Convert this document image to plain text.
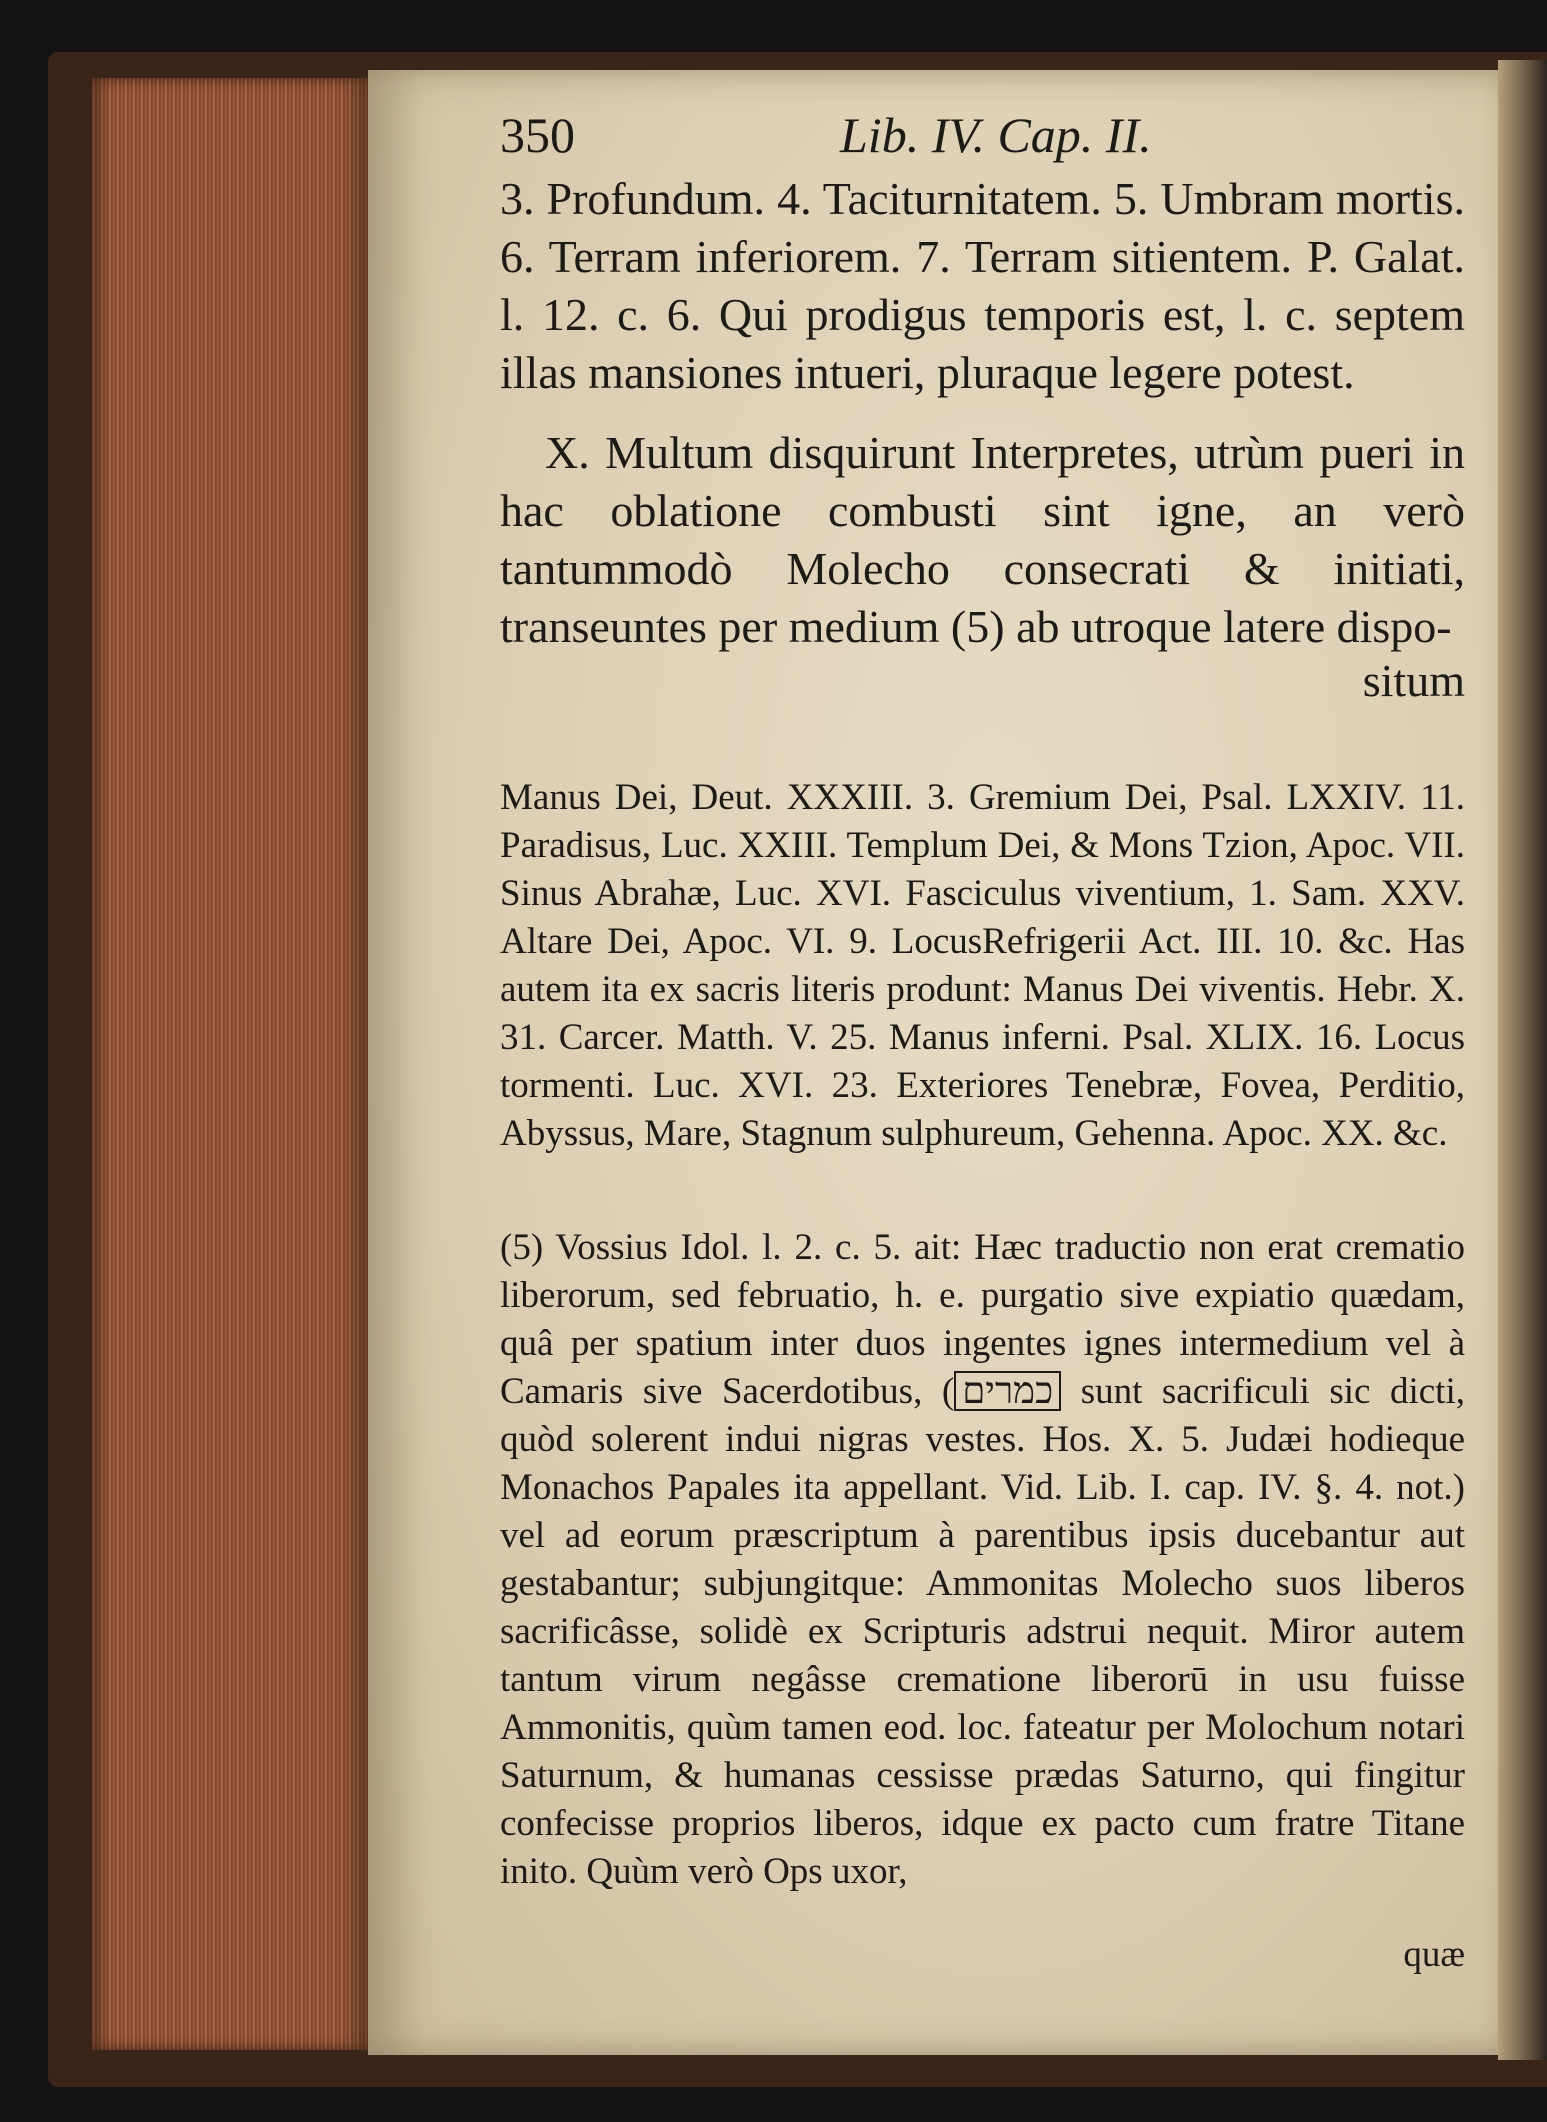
350	Lib. IV. Cap. II.

3. Profundum. 4. Taciturnitatem. 5. Umbram mortis. 6. Terram inferiorem. 7. Terram sitientem. P. Galat. l. 12. c. 6. Qui prodigus temporis est, l. c. septem illas mansiones intueri, pluraque legere potest.

X. Multum disquirunt Interpretes, utrùm pueri in hac oblatione combusti sint igne, an verò tantummodò Molecho consecrati & initiati, transeuntes per medium (5) ab utroque latere dispo-

situm

Manus Dei, Deut. XXXIII. 3. Gremium Dei, Psal. LXXIV. 11. Paradisus, Luc. XXIII. Templum Dei, & Mons Tzion, Apoc. VII. Sinus Abrahæ, Luc. XVI. Fasciculus viventium, 1. Sam. XXV. Altare Dei, Apoc. VI. 9. LocusRefrigerii Act. III. 10. &c. Has autem ita ex sacris literis produnt: Manus Dei viventis. Hebr. X. 31. Carcer. Matth. V. 25. Manus inferni. Psal. XLIX. 16. Locus tormenti. Luc. XVI. 23. Exteriores Tenebræ, Fovea, Perditio, Abyssus, Mare, Stagnum sulphureum, Gehenna. Apoc. XX. &c.

(5) Vossius Idol. l. 2. c. 5. ait: Hæc traductio non erat crematio liberorum, sed februatio, h. e. purgatio sive expiatio quædam, quâ per spatium inter duos ingentes ignes intermedium vel à Camaris sive Sacerdotibus, ( כמרים sunt sacrificuli sic dicti, quòd solerent indui nigras vestes. Hos. X. 5. Judæi hodieque Monachos Papales ita appellant. Vid. Lib. I. cap. IV. §. 4. not.) vel ad eorum præscriptum à parentibus ipsis ducebantur aut gestabantur; subjungitque: Ammonitas Molecho suos liberos sacrificâsse, solidè ex Scripturis adstrui nequit. Miror autem tantum virum negâsse crematione liberorū in usu fuisse Ammonitis, quùm tamen eod. loc. fateatur per Molochum notari Saturnum, & humanas cessisse prædas Saturno, qui fingitur confecisse proprios liberos, idque ex pacto cum fratre Titane inito. Quùm verò Ops uxor,

quæ
